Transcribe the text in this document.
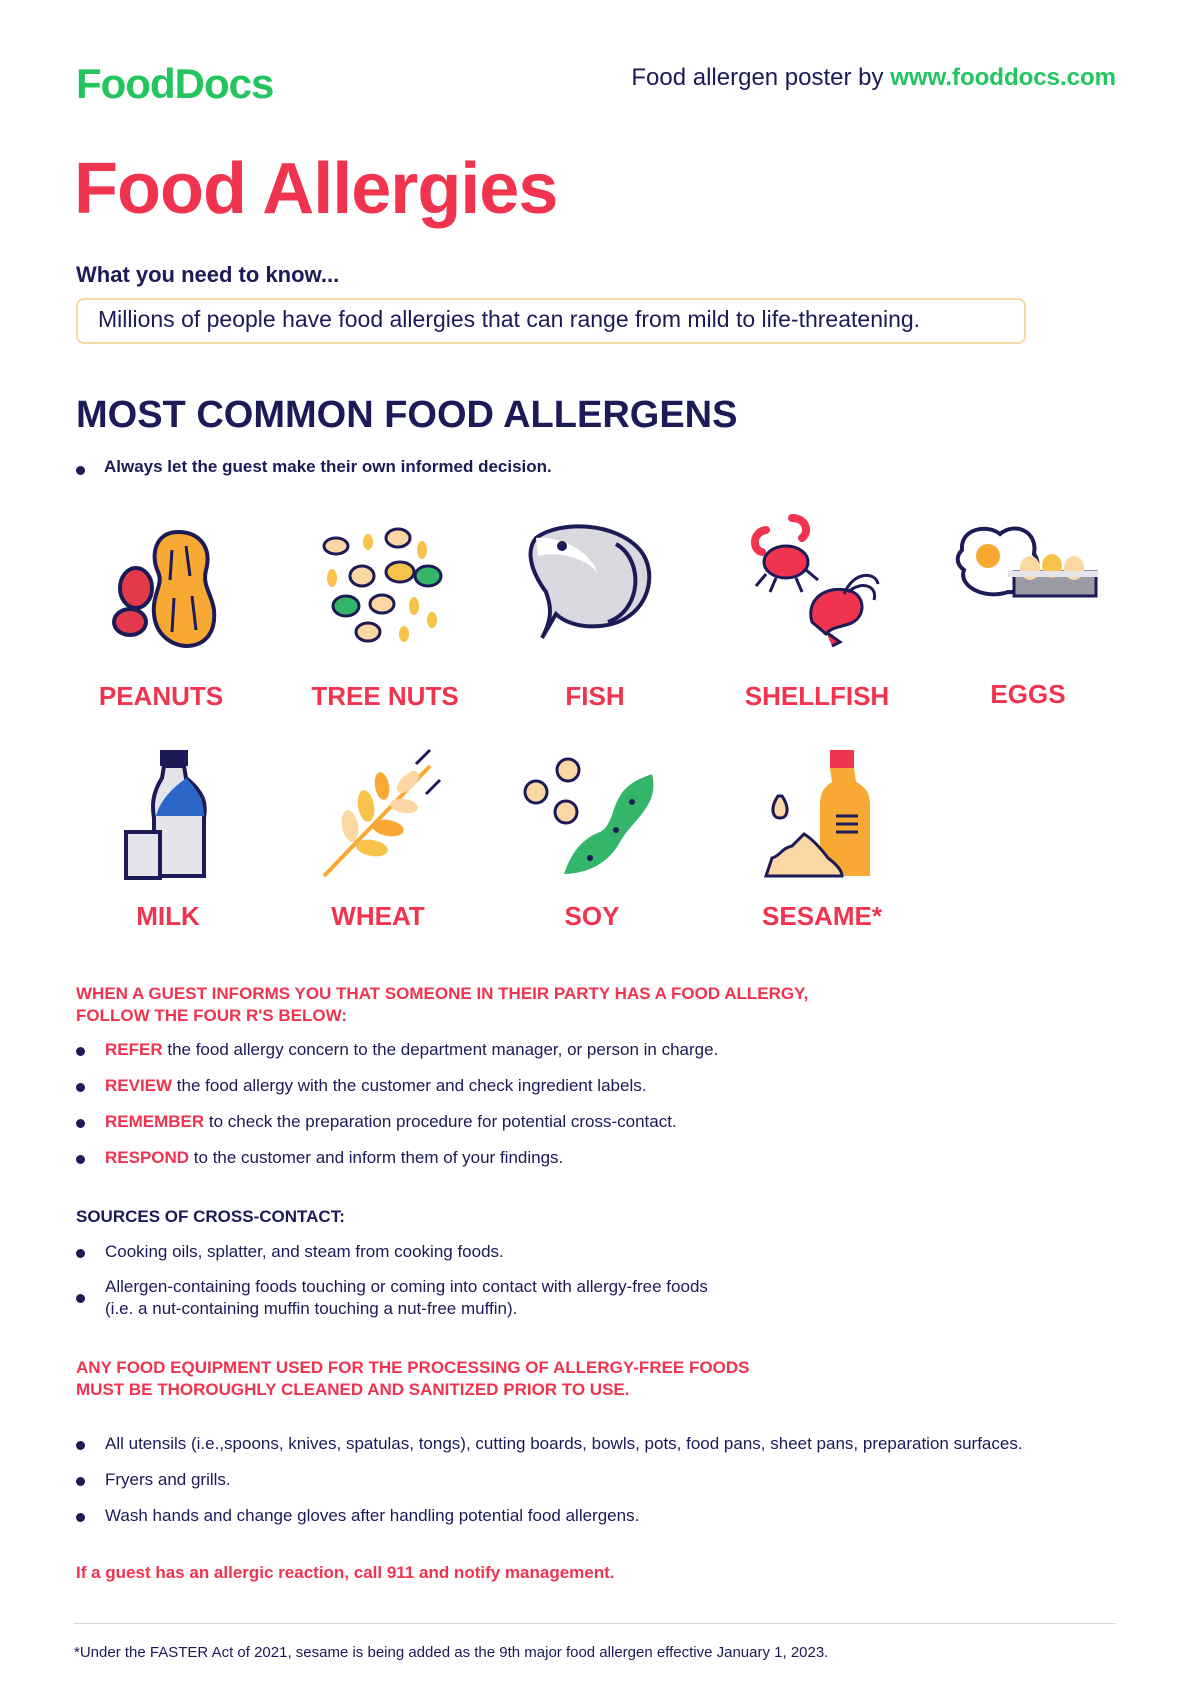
FoodDocs	Food allergen poster by www.fooddocs.com
Food Allergies
What you need to know...
Millions of people have food allergies that can range from mild to life-threatening.
MOST COMMON FOOD ALLERGENS
Always let the guest make their own informed decision.
PEANUTS	TREE NUTS	FISH	SHELLFISH	EGGS
MILK	WHEAT	SOY	SESAME*
WHEN A GUEST INFORMS YOU THAT SOMEONE IN THEIR PARTY HAS A FOOD ALLERGY,
FOLLOW THE FOUR R'S BELOW:
REFER the food allergy concern to the department manager, or person in charge.
REVIEW the food allergy with the customer and check ingredient labels.
REMEMBER to check the preparation procedure for potential cross-contact.
RESPOND to the customer and inform them of your findings.
SOURCES OF CROSS-CONTACT:
Cooking oils, splatter, and steam from cooking foods.
Allergen-containing foods touching or coming into contact with allergy-free foods
(i.e. a nut-containing muffin touching a nut-free muffin).
ANY FOOD EQUIPMENT USED FOR THE PROCESSING OF ALLERGY-FREE FOODS
MUST BE THOROUGHLY CLEANED AND SANITIZED PRIOR TO USE.
All utensils (i.e.,spoons, knives, spatulas, tongs), cutting boards, bowls, pots, food pans, sheet pans, preparation surfaces.
Fryers and grills.
Wash hands and change gloves after handling potential food allergens.
If a guest has an allergic reaction, call 911 and notify management.
*Under the FASTER Act of 2021, sesame is being added as the 9th major food allergen effective January 1, 2023.
